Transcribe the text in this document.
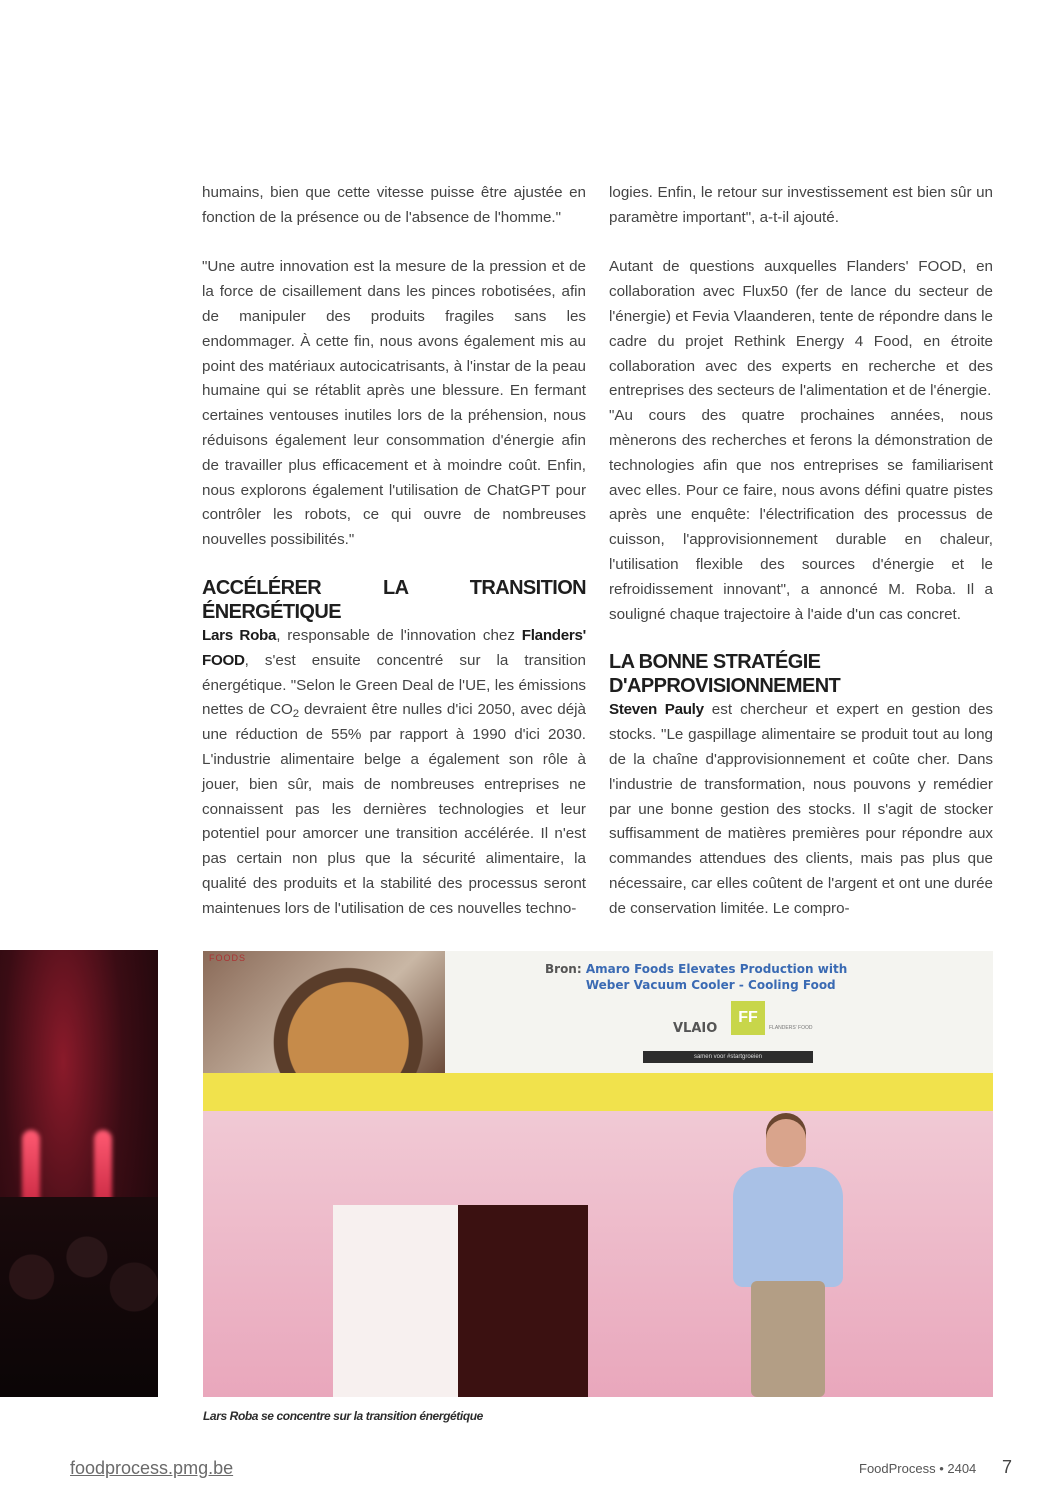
humains, bien que cette vitesse puisse être ajustée en fonction de la présence ou de l'absence de l'homme."

"Une autre innovation est la mesure de la pression et de la force de cisaillement dans les pinces robotisées, afin de manipuler des produits fragiles sans les endommager. À cette fin, nous avons également mis au point des matériaux autocicatrisants, à l'instar de la peau humaine qui se rétablit après une blessure. En fermant certaines ventouses inutiles lors de la préhension, nous réduisons également leur consommation d'énergie afin de travailler plus efficacement et à moindre coût. Enfin, nous explorons également l'utilisation de ChatGPT pour contrôler les robots, ce qui ouvre de nombreuses nouvelles possibilités."

ACCÉLÉRER LA TRANSITION ÉNERGÉTIQUE

Lars Roba, responsable de l'innovation chez Flanders' FOOD, s'est ensuite concentré sur la transition énergétique. "Selon le Green Deal de l'UE, les émissions nettes de $CO_2$ devraient être nulles d'ici 2050, avec déjà une réduction de 55% par rapport à 1990 d'ici 2030. L'industrie alimentaire belge a également son rôle à jouer, bien sûr, mais de nombreuses entreprises ne connaissent pas les dernières technologies et leur potentiel pour amorcer une transition accélérée. Il n'est pas certain non plus que la sécurité alimentaire, la qualité des produits et la stabilité des processus seront maintenues lors de l'utilisation de ces nouvelles techno-

logies. Enfin, le retour sur investissement est bien sûr un paramètre important", a-t-il ajouté.

Autant de questions auxquelles Flanders' FOOD, en collaboration avec Flux50 (fer de lance du secteur de l'énergie) et Fevia Vlaanderen, tente de répondre dans le cadre du projet Rethink Energy 4 Food, en étroite collaboration avec des experts en recherche et des entreprises des secteurs de l'alimentation et de l'énergie.

"Au cours des quatre prochaines années, nous mènerons des recherches et ferons la démonstration de technologies afin que nos entreprises se familiarisent avec elles. Pour ce faire, nous avons défini quatre pistes après une enquête: l'électrification des processus de cuisson, l'approvisionnement durable en chaleur, l'utilisation flexible des sources d'énergie et le refroidissement innovant", a annoncé M. Roba. Il a souligné chaque trajectoire à l'aide d'un cas concret.

LA BONNE STRATÉGIE
D'APPROVISIONNEMENT

Steven Pauly est chercheur et expert en gestion des stocks. "Le gaspillage alimentaire se produit tout au long de la chaîne d'approvisionnement et coûte cher. Dans l'industrie de transformation, nous pouvons y remédier par une bonne gestion des stocks. Il s'agit de stocker suffisamment de matières premières pour répondre aux commandes attendues des clients, mais pas plus que nécessaire, car elles coûtent de l'argent et ont une durée de conservation limitée. Le compro-

FOODS
Bron: Amaro Foods Elevates Production with Weber Vacuum Cooler - Cooling Food
VLAIO
FF
FLANDERS' FOOD
samen voor #startgroeien
Lars Roba se concentre sur la transition énergétique
foodprocess.pmg.be	FoodProcess • 2404 7
